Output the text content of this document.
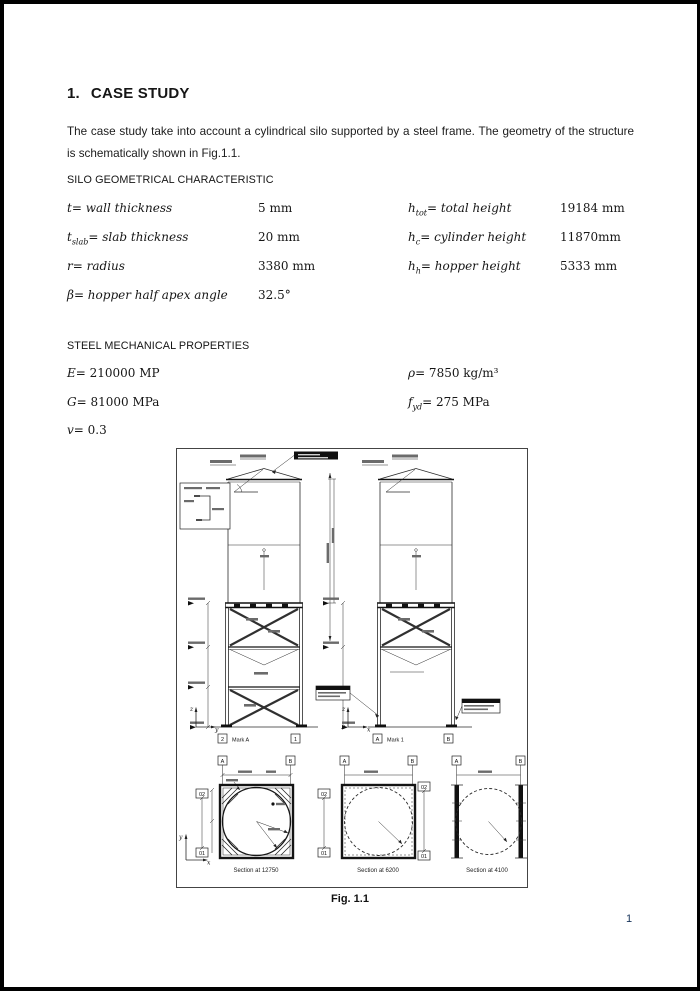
1. CASE STUDY
The case study take into account a cylindrical silo supported by a steel frame. The geometry of the structure is schematically shown in Fig.1.1.
SILO GEOMETRICAL CHARACTERISTIC
t = wall thickness	5 mm	$h_{tot}$ = total height	19184 mm
$t_{slab}$ = slab thickness	20 mm	$h_c$ = cylinder height	11870mm
r = radius	3380 mm	$h_h$ = hopper height	5333 mm
β = hopper half apex angle	32.5°
STEEL MECHANICAL PROPERTIES
E = 210000 MP	ρ = 7850 kg/m³
G = 81000 MPa	$f_{yd} = 275$ MPa
v = 0.3
z
y
2	1
Mark A
z
x
A	B
Mark 1
A	B
02
01
Section at 12750
A	B
02
01
Section at 6200
A	B
02
01
Section at 4100
y
x
Fig. 1.1
1
